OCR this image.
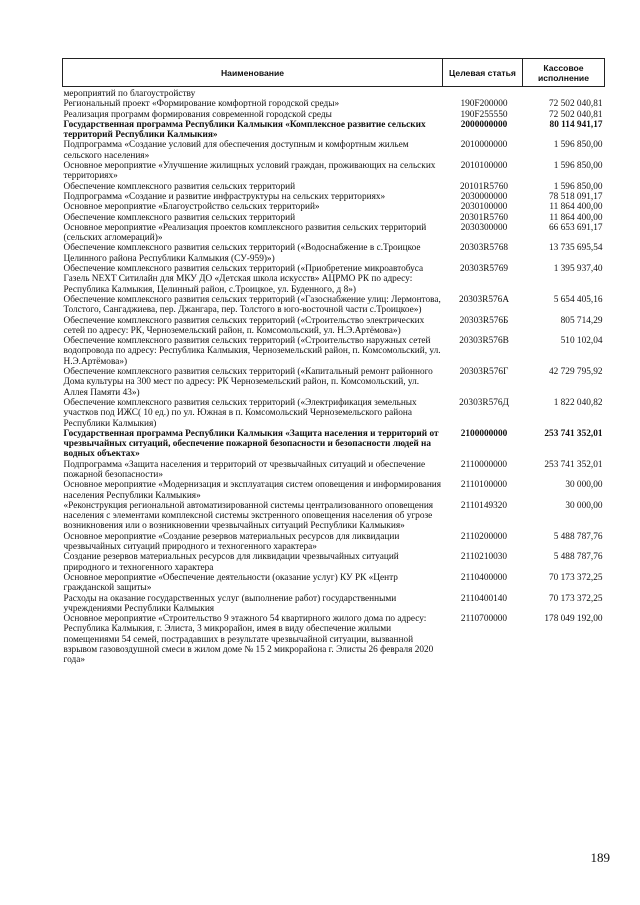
Наименование	Целевая статья	Кассовое исполнение
мероприятий по благоустройству		
Региональный проект «Формирование комфортной городской среды»	190F200000	72 502 040,81
Реализация программ формирования современной городской среды	190F255550	72 502 040,81
Государственная программа Республики Калмыкия «Комплексное развитие сельских территорий Республики Калмыкия»	2000000000	80 114 941,17
Подпрограмма «Создание условий для обеспечения доступным и комфортным жильем сельского населения»	2010000000	1 596 850,00
Основное мероприятие «Улучшение жилищных условий граждан, проживающих на сельских территориях»	2010100000	1 596 850,00
Обеспечение комплексного развития сельских территорий	20101R5760	1 596 850,00
Подпрограмма «Создание и развитие инфраструктуры на сельских территориях»	2030000000	78 518 091,17
Основное мероприятие «Благоустройство сельских территорий»	2030100000	11 864 400,00
Обеспечение комплексного развития сельских территорий	20301R5760	11 864 400,00
Основное мероприятие «Реализация проектов комплексного развития сельских территорий (сельских агломераций)»	2030300000	66 653 691,17
Обеспечение комплексного развития сельских территорий («Водоснабжение в с.Троицкое Целинного района Республики Калмыкия (СУ-959)»)	20303R5768	13 735 695,54
Обеспечение комплексного развития сельских территорий («Приобретение микроавтобуса Газель NEXT Ситилайн для МКУ ДО «Детская школа искусств» АЦРМО РК по адресу: Республика Калмыкия, Целинный район, с.Троицкое, ул. Буденного, д 8»)	20303R5769	1 395 937,40
Обеспечение комплексного развития сельских территорий («Газоснабжение улиц: Лермонтова, Толстого, Сангаджиева, пер. Джангара, пер. Толстого в юго-восточной части с.Троицкое»)	20303R576А	5 654 405,16
Обеспечение комплексного развития сельских территорий («Строительство электрических сетей по адресу: РК, Черноземельский район, п. Комсомольский, ул. Н.Э.Артёмова»)	20303R576Б	805 714,29
Обеспечение комплексного развития сельских территорий («Строительство наружных сетей водопровода по адресу: Республика Калмыкия, Черноземельский район, п. Комсомольский, ул. Н.Э.Артёмова»)	20303R576В	510 102,04
Обеспечение комплексного развития сельских территорий («Капитальный ремонт районного Дома культуры на 300 мест по адресу: РК Черноземельский район, п. Комсомольский, ул. Аллея Памяти 43»)	20303R576Г	42 729 795,92
Обеспечение комплексного развития сельских территорий («Электрификация земельных участков под ИЖС( 10 ед.) по ул. Южная в п. Комсомольский Черноземельского района Республики Калмыкия)	20303R576Д	1 822 040,82
Государственная программа Республики Калмыкия «Защита населения и территорий от чрезвычайных ситуаций, обеспечение пожарной безопасности и безопасности людей на водных объектах»	2100000000	253 741 352,01
Подпрограмма «Защита населения и территорий от чрезвычайных ситуаций и обеспечение пожарной безопасности»	2110000000	253 741 352,01
Основное мероприятие «Модернизация и эксплуатация систем оповещения и информирования населения Республики Калмыкия»	2110100000	30 000,00
«Реконструкция региональной автоматизированной системы централизованного оповещения населения с элементами комплексной системы экстренного оповещения населения об угрозе возникновения или о возникновении чрезвычайных ситуаций Республики Калмыкия»	2110149320	30 000,00
Основное мероприятие «Создание резервов материальных ресурсов для ликвидации чрезвычайных ситуаций природного и техногенного характера»	2110200000	5 488 787,76
Создание резервов материальных ресурсов для ликвидации чрезвычайных ситуаций природного и техногенного характера	2110210030	5 488 787,76
Основное мероприятие «Обеспечение деятельности (оказание услуг) КУ РК «Центр гражданской защиты»	2110400000	70 173 372,25
Расходы на оказание государственных услуг (выполнение работ) государственными учреждениями Республики Калмыкия	2110400140	70 173 372,25
Основное мероприятие «Строительство 9 этажного 54 квартирного жилого дома по адресу: Республика Калмыкия, г. Элиста, 3 микрорайон, имея в виду обеспечение жилыми помещениями 54 семей, пострадавших в результате чрезвычайной ситуации, вызванной взрывом газовоздушной смеси в жилом доме № 15 2 микрорайона г. Элисты 26 февраля 2020 года»	2110700000	178 049 192,00
189
